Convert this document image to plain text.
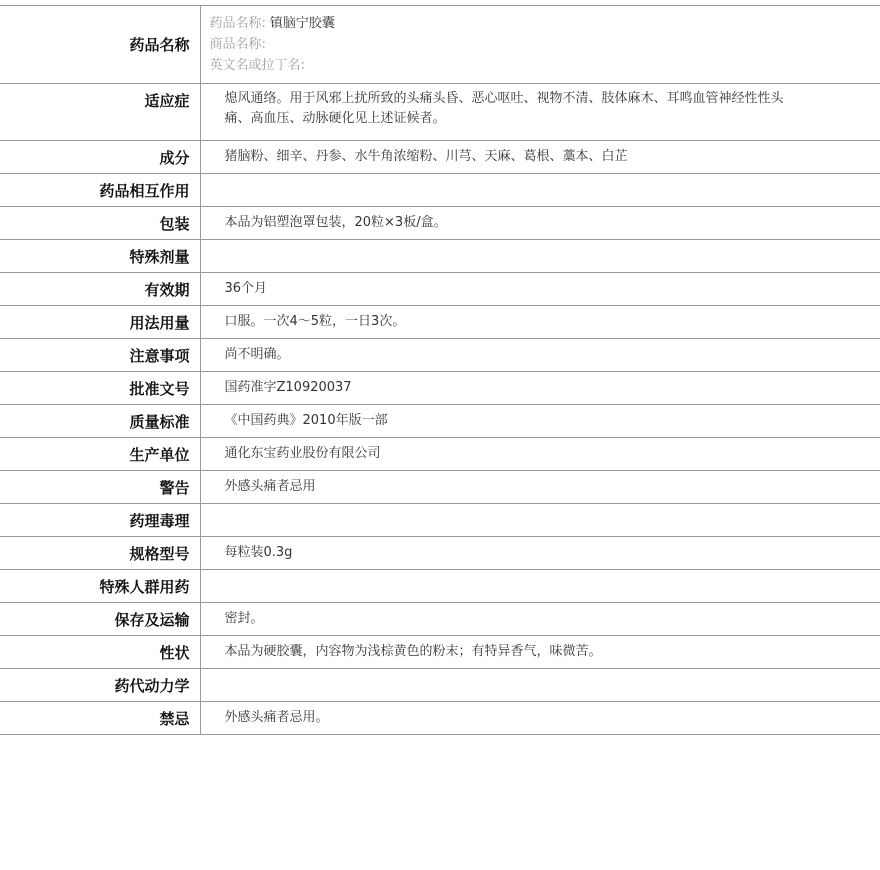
药品名称	药品名称: 镇脑宁胶囊
商品名称:
英文名或拉丁名:

适应症	熄风通络。用于风邪上扰所致的头痛头昏、恶心呕吐、视物不清、肢体麻木、耳鸣血管神经性性头痛、高血压、动脉硬化见上述证候者。
成分	猪脑粉、细辛、丹参、水牛角浓缩粉、川芎、天麻、葛根、藁本、白芷
药品相互作用	
包装	本品为铝塑泡罩包装，20粒×3板/盒。
特殊剂量	
有效期	36个月
用法用量	口服。一次4～5粒，一日3次。
注意事项	尚不明确。
批准文号	国药准字Z10920037
质量标准	《中国药典》2010年版一部
生产单位	通化东宝药业股份有限公司
警告	外感头痛者忌用
药理毒理	
规格型号	每粒装0.3g
特殊人群用药	
保存及运输	密封。
性状	本品为硬胶囊，内容物为浅棕黄色的粉末；有特异香气，味微苦。
药代动力学	
禁忌	外感头痛者忌用。
